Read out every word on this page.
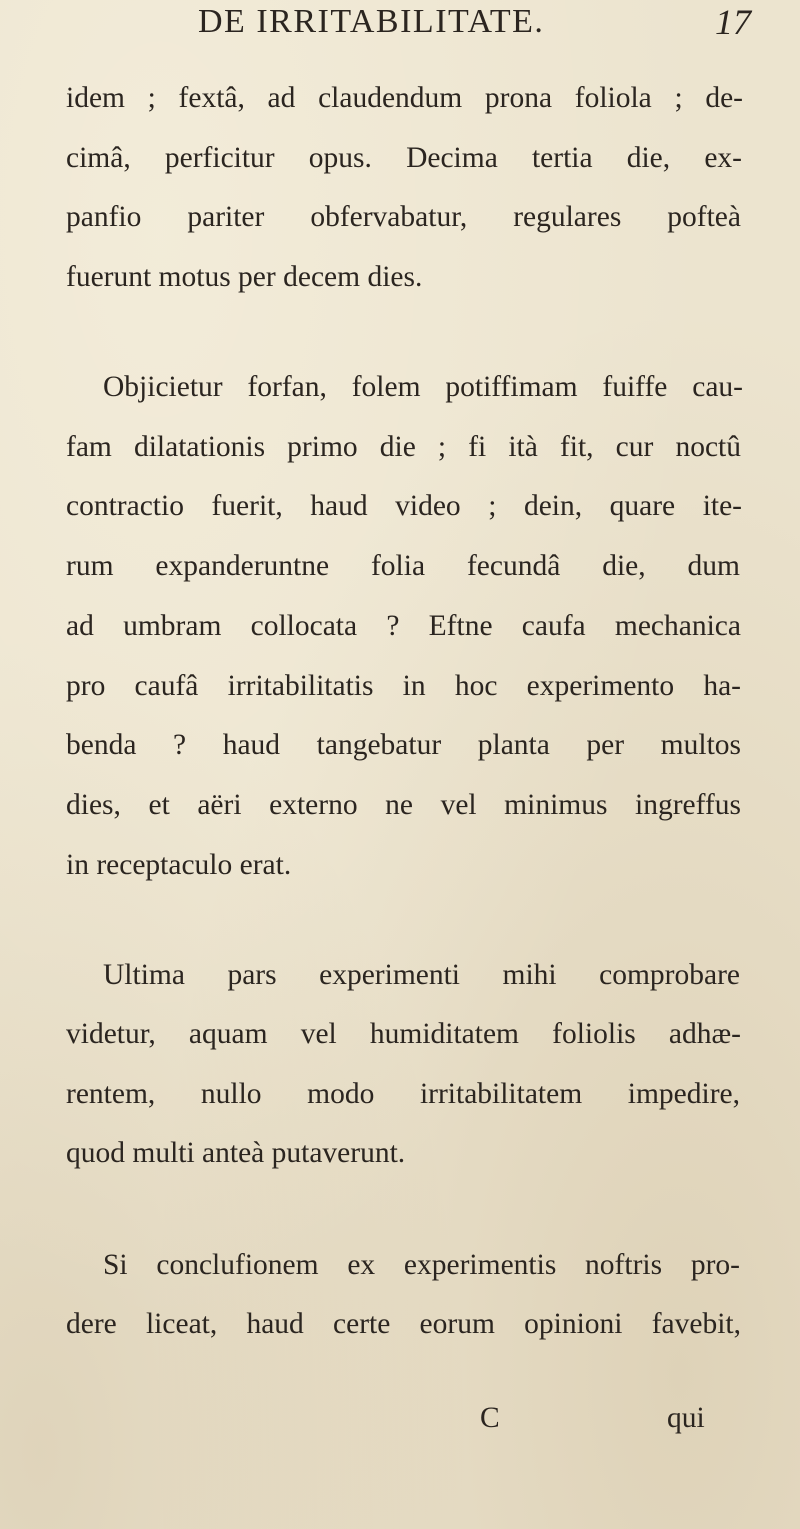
DE IRRITABILITATE.	17
idem ; fextâ, ad claudendum prona foliola ; de-
cimâ, perficitur opus. Decima tertia die, ex-
panfio pariter obfervabatur, regulares pofteà
fuerunt motus per decem dies.
Objicietur forfan, folem potiffimam fuiffe cau-
fam dilatationis primo die ; fi ità fit, cur noctû
contractio fuerit, haud video ; dein, quare ite-
rum expanderuntne folia fecundâ die, dum
ad umbram collocata ? Eftne caufa mechanica
pro caufâ irritabilitatis in hoc experimento ha-
benda ? haud tangebatur planta per multos
dies, et aëri externo ne vel minimus ingreffus
in receptaculo erat.
Ultima pars experimenti mihi comprobare
videtur, aquam vel humiditatem foliolis adhæ-
rentem, nullo modo irritabilitatem impedire,
quod multi anteà putaverunt.
Si conclufionem ex experimentis noftris pro-
dere liceat, haud certe eorum opinioni favebit,
C	qui
